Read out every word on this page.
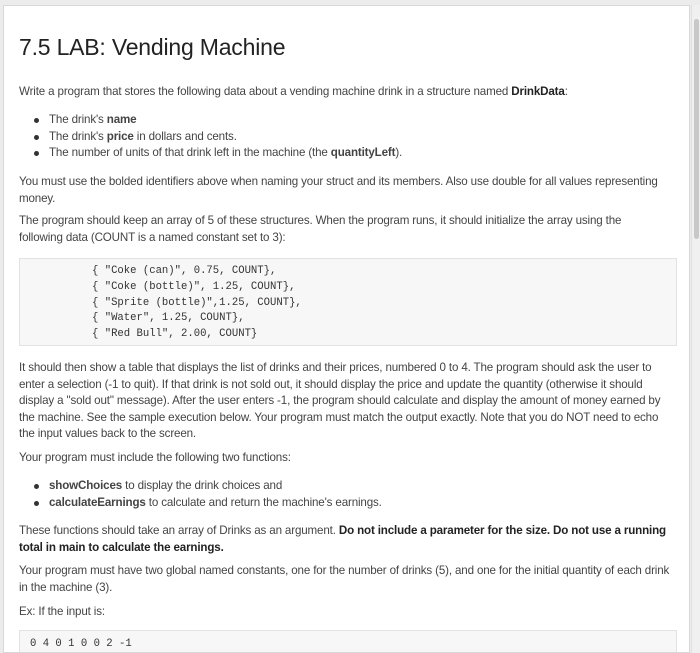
7.5 LAB: Vending Machine
Write a program that stores the following data about a vending machine drink in a structure named DrinkData:
The drink's name
The drink's price in dollars and cents.
The number of units of that drink left in the machine (the quantityLeft).
You must use the bolded identifiers above when naming your struct and its members. Also use double for all values representing money.
The program should keep an array of 5 of these structures. When the program runs, it should initialize the array using the following data (COUNT is a named constant set to 3):
{ "Coke (can)", 0.75, COUNT},
{ "Coke (bottle)", 1.25, COUNT},
{ "Sprite (bottle)",1.25, COUNT},
{ "Water", 1.25, COUNT},
{ "Red Bull", 2.00, COUNT}
It should then show a table that displays the list of drinks and their prices, numbered 0 to 4. The program should ask the user to enter a selection (-1 to quit). If that drink is not sold out, it should display the price and update the quantity (otherwise it should display a "sold out" message). After the user enters -1, the program should calculate and display the amount of money earned by the machine. See the sample execution below. Your program must match the output exactly. Note that you do NOT need to echo the input values back to the screen.
Your program must include the following two functions:
showChoices to display the drink choices and
calculateEarnings to calculate and return the machine's earnings.
These functions should take an array of Drinks as an argument. Do not include a parameter for the size. Do not use a running total in main to calculate the earnings.
Your program must have two global named constants, one for the number of drinks (5), and one for the initial quantity of each drink in the machine (3).
Ex: If the input is:
0 4 0 1 0 0 2 -1
